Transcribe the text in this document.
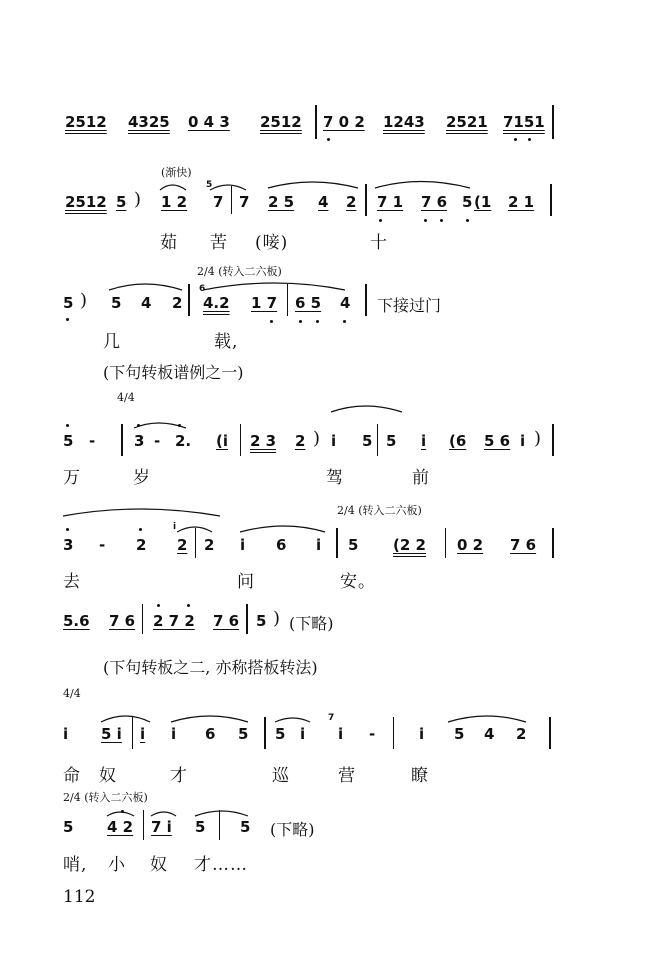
2512 4325 0 4 3 2512 7 0 2 1243 2521 7151
(渐快)
2512 5 ) 1 2
5
7 7 2 5 4 2 7 1 7 6 5 (1 2 1
茹 苦 (唼)	十
2/4 (转入二六板)
5 ) 5 4 2
6
4.2 1 7 6 5 4 下接过门
几	载,
(下句转板谱例之一)
4/4
5 -	3 - 2. (i 2 3 2 ) i 5 5 i (6 5 6 i )
万	岁	驾	前
2/4 (转入二六板)
3 - 2
i
2 2 i 6 i 5 (2 2 0 2 7 6
去	问	安。
5.6 7 6 2 7 2 7 6 5 ) (下略)
(下句转板之二, 亦称搭板转法)
4/4
i 5 i i i 6 5 5 i
7
i -	i 5 4 2
命 奴	才	巡	营	瞭
2/4 (转入二六板)
5 4 2 7 i 5 5 (下略)
哨, 小 奴 才……
112
